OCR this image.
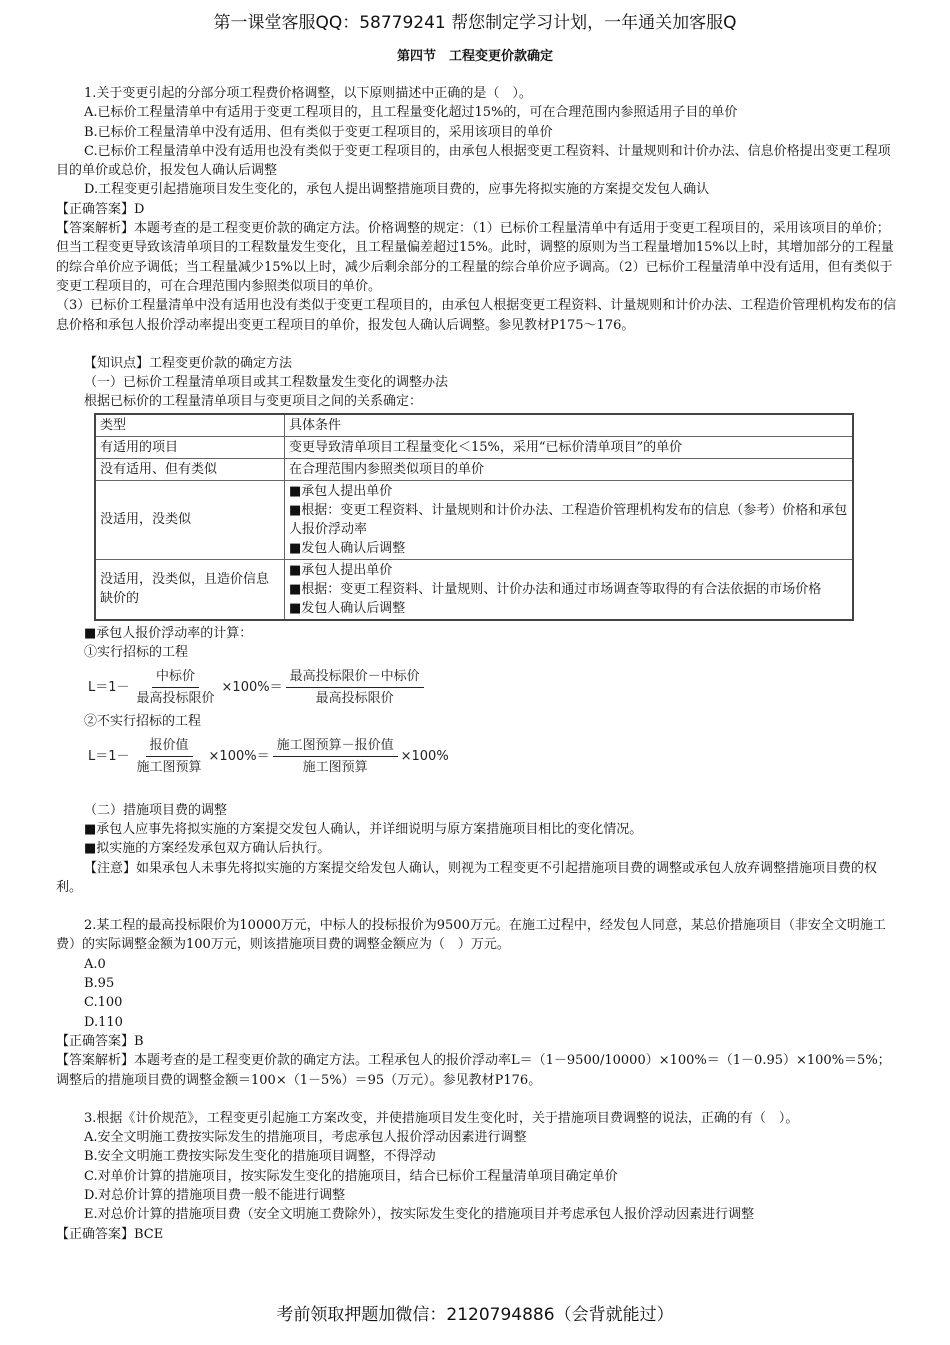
第一课堂客服QQ：58779241 帮您制定学习计划，一年通关加客服Q
第四节　工程变更价款确定

1.关于变更引起的分部分项工程费价格调整，以下原则描述中正确的是（　）。

A.已标价工程量清单中有适用于变更工程项目的，且工程量变化超过15%的，可在合理范围内参照适用子目的单价

B.已标价工程量清单中没有适用、但有类似于变更工程项目的，采用该项目的单价

C.已标价工程量清单中没有适用也没有类似于变更工程项目的，由承包人根据变更工程资料、计量规则和计价办法、信息价格提出变更工程项目的单价或总价，报发包人确认后调整

D.工程变更引起措施项目发生变化的，承包人提出调整措施项目费的，应事先将拟实施的方案提交发包人确认

【正确答案】D

【答案解析】本题考查的是工程变更价款的确定方法。价格调整的规定：（1）已标价工程量清单中有适用于变更工程项目的，采用该项目的单价；但当工程变更导致该清单项目的工程数量发生变化，且工程量偏差超过15%。此时，调整的原则为当工程量增加15%以上时，其增加部分的工程量的综合单价应予调低；当工程量减少15%以上时，减少后剩余部分的工程量的综合单价应予调高。（2）已标价工程量清单中没有适用，但有类似于变更工程项目的，可在合理范围内参照类似项目的单价。

（3）已标价工程量清单中没有适用也没有类似于变更工程项目的，由承包人根据变更工程资料、计量规则和计价办法、工程造价管理机构发布的信息价格和承包人报价浮动率提出变更工程项目的单价，报发包人确认后调整。参见教材P175～176。

【知识点】工程变更价款的确定方法

（一）已标价工程量清单项目或其工程数量发生变化的调整办法

根据已标价的工程量清单项目与变更项目之间的关系确定：

类型	具体条件
有适用的项目	变更导致清单项目工程量变化＜15%，采用“已标价清单项目”的单价

没有适用、但有类似	在合理范围内参照类似项目的单价

没适用，没类似	■承包人提出单价
■根据：变更工程资料、计量规则和计价办法、工程造价管理机构发布的信息（参考）价格和承包人报价浮动率
■发包人确认后调整

没适用，没类似，且造价信息缺价的	■承包人提出单价
■根据：变更工程资料、计量规则、计价办法和通过市场调查等取得的有合法依据的市场价格
■发包人确认后调整

■承包人报价浮动率的计算：

①实行招标的工程

$L=1- \frac{\text{中标价}}{\text{最高投标限价}} \times 100\%= \frac{\text{最高投标限价－中标价}}{\text{最高投标限价}}$

②不实行招标的工程

$L=1- \frac{\text{报价值}}{\text{施工图预算}} \times 100\%= \frac{\text{施工图预算－报价值}}{\text{施工图预算}} \times 100\%$

（二）措施项目费的调整

■承包人应事先将拟实施的方案提交发包人确认，并详细说明与原方案措施项目相比的变化情况。

■拟实施的方案经发承包双方确认后执行。

【注意】如果承包人未事先将拟实施的方案提交给发包人确认，则视为工程变更不引起措施项目费的调整或承包人放弃调整措施项目费的权利。

2.某工程的最高投标限价为10000万元，中标人的投标报价为9500万元。在施工过程中，经发包人同意，某总价措施项目（非安全文明施工费）的实际调整金额为100万元，则该措施项目费的调整金额应为（　）万元。

A.0

B.95

C.100

D.110

【正确答案】B

【答案解析】本题考查的是工程变更价款的确定方法。工程承包人的报价浮动率L＝（1－9500/10000）×100%＝（1－0.95）×100%＝5%；调整后的措施项目费的调整金额＝100×（1－5%）＝95（万元）。参见教材P176。

3.根据《计价规范》，工程变更引起施工方案改变，并使措施项目发生变化时，关于措施项目费调整的说法，正确的有（　）。

A.安全文明施工费按实际发生的措施项目，考虑承包人报价浮动因素进行调整

B.安全文明施工费按实际发生变化的措施项目调整，不得浮动

C.对单价计算的措施项目，按实际发生变化的措施项目，结合已标价工程量清单项目确定单价

D.对总价计算的措施项目费一般不能进行调整

E.对总价计算的措施项目费（安全文明施工费除外），按实际发生变化的措施项目并考虑承包人报价浮动因素进行调整

【正确答案】BCE

考前领取押题加微信：2120794886（会背就能过）
